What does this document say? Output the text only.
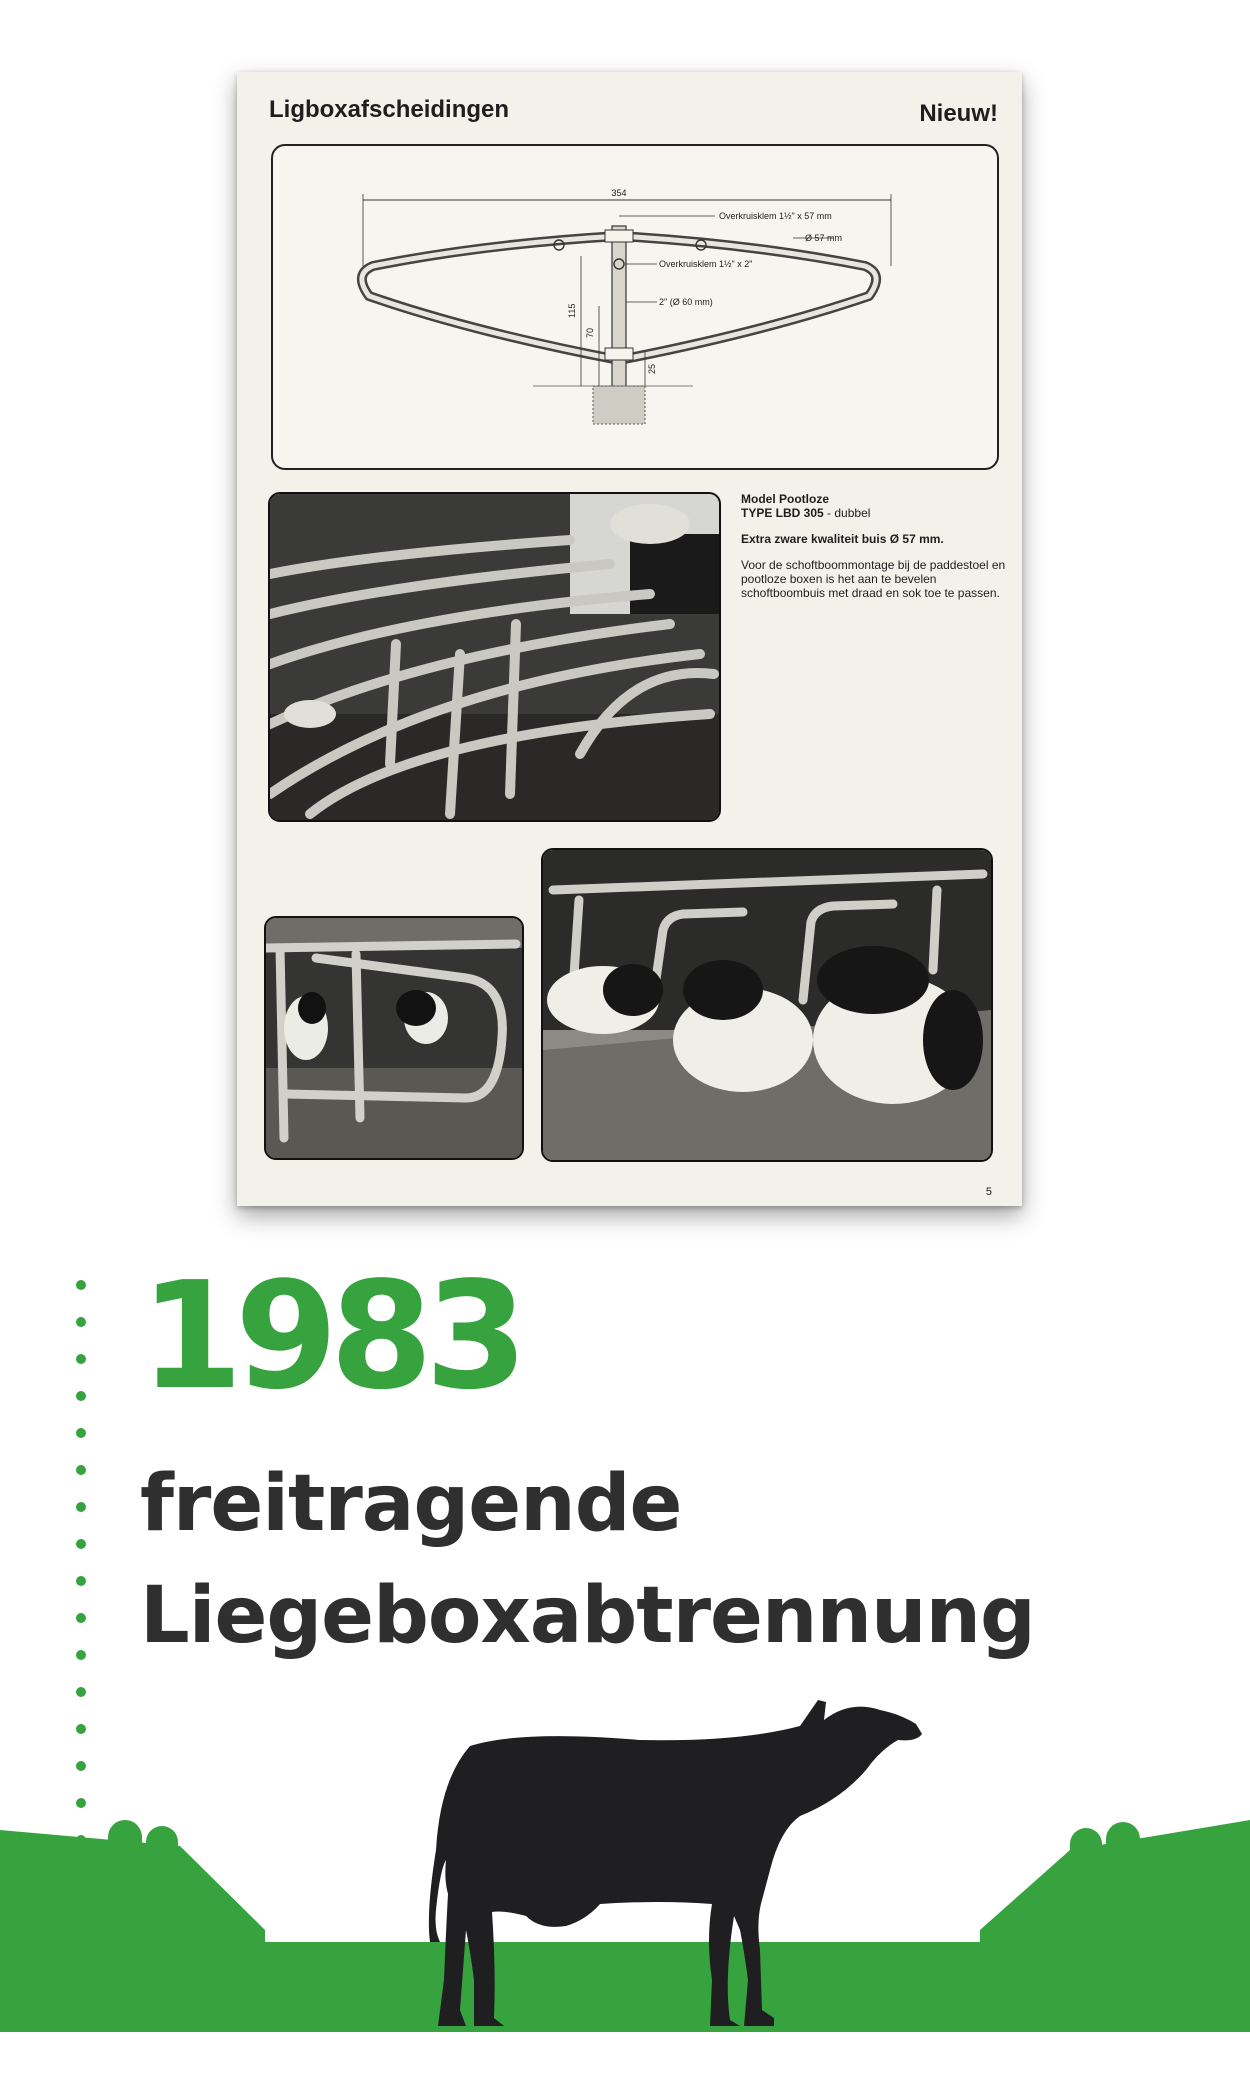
Ligboxafscheidingen	Nieuw!
354
115
70
25
Overkruisklem 1½" x 57 mm
Ø 57 mm
Overkruisklem 1½" x 2"
2" (Ø 60 mm)
Model Pootloze
TYPE LBD 305 - dubbel
Extra zware kwaliteit buis Ø 57 mm.
Voor de schoftboommontage bij de paddestoel en pootloze boxen is het aan te bevelen schoftboombuis met draad en sok toe te passen.
5
1983
freitragende
Liegeboxabtrennung
